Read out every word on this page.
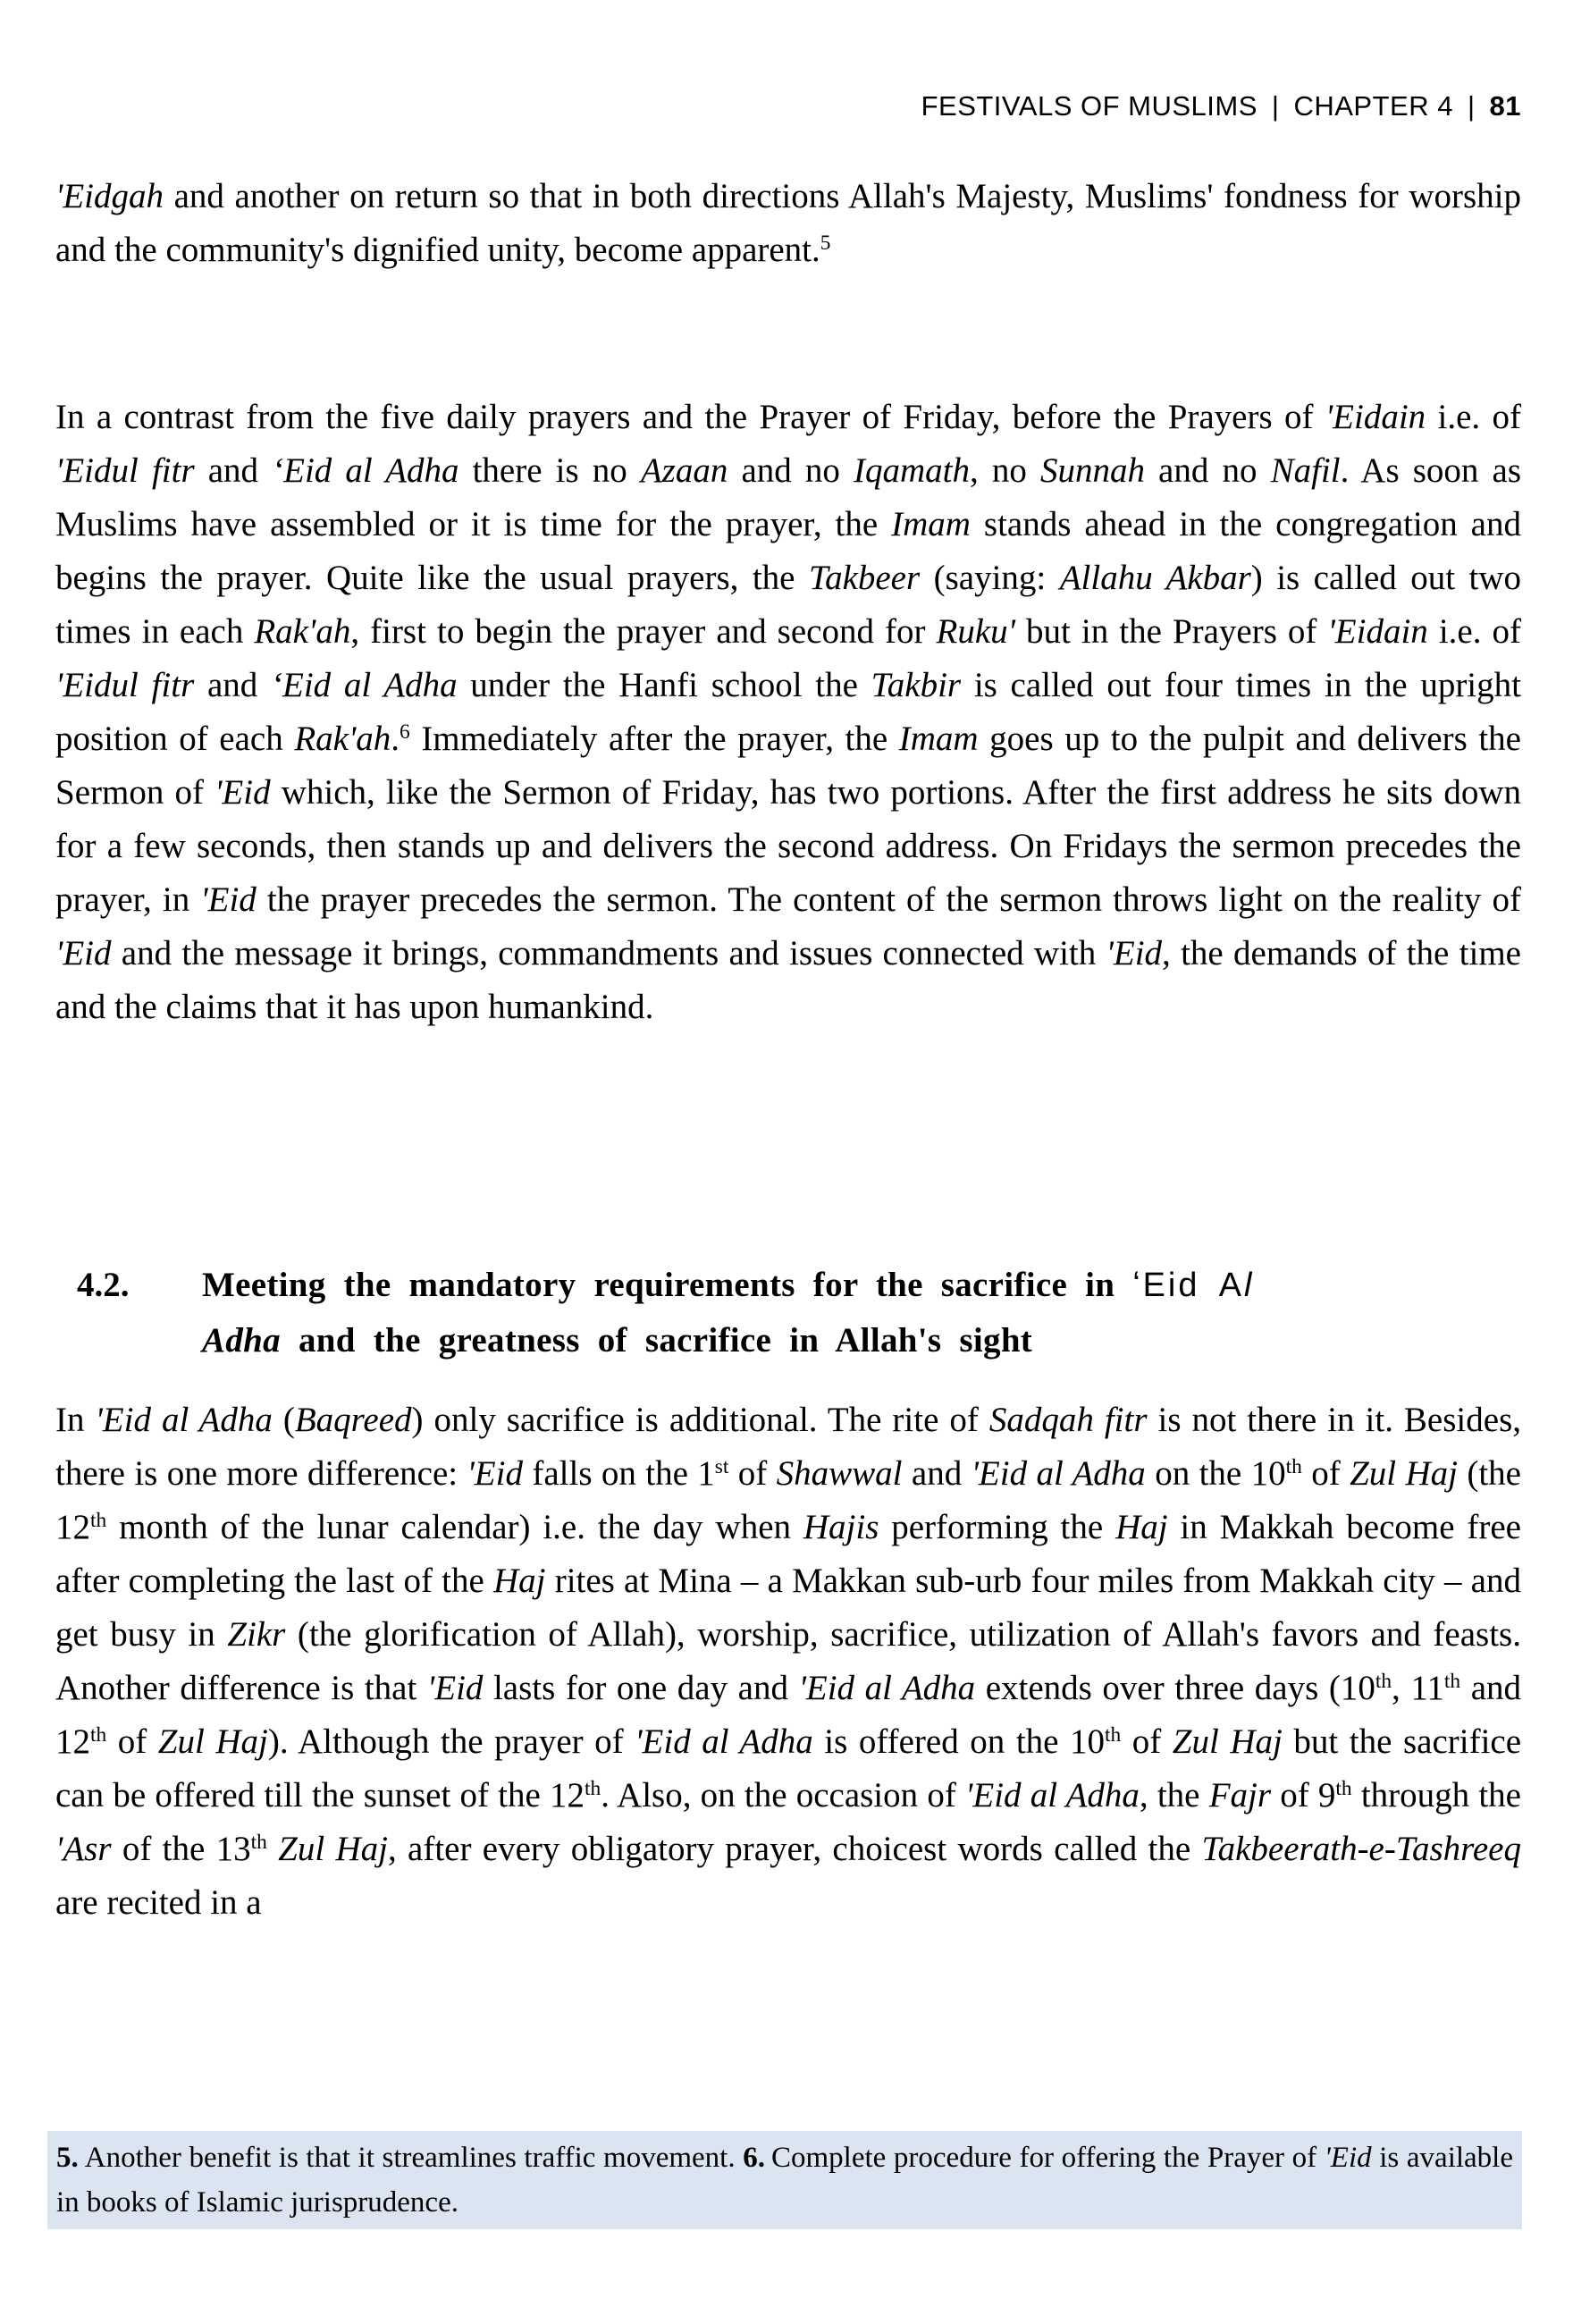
FESTIVALS OF MUSLIMS | CHAPTER 4 | 81

'Eidgah and another on return so that in both directions Allah's Majesty, Muslims' fondness for worship and the community's dignified unity, become apparent.$^5$

In a contrast from the five daily prayers and the Prayer of Friday, before the Prayers of 'Eidain i.e. of 'Eidul fitr and ʻEid al Adha there is no Azaan and no Iqamath, no Sunnah and no Nafil. As soon as Muslims have assembled or it is time for the prayer, the Imam stands ahead in the congregation and begins the prayer. Quite like the usual prayers, the Takbeer (saying: Allahu Akbar) is called out two times in each Rak'ah, first to begin the prayer and second for Ruku' but in the Prayers of 'Eidain i.e. of 'Eidul fitr and ʻEid al Adha under the Hanfi school the Takbir is called out four times in the upright position of each Rak'ah.$^6$ Immediately after the prayer, the Imam goes up to the pulpit and delivers the Sermon of 'Eid which, like the Sermon of Friday, has two portions. After the first address he sits down for a few seconds, then stands up and delivers the second address. On Fridays the sermon precedes the prayer, in 'Eid the prayer precedes the sermon. The content of the sermon throws light on the reality of 'Eid and the message it brings, commandments and issues connected with 'Eid, the demands of the time and the claims that it has upon humankind.

4.2. Meeting the mandatory requirements for the sacrifice in ʻEid Al
Adha and the greatness of sacrifice in Allah's sight

In 'Eid al Adha (Baqreed) only sacrifice is additional. The rite of Sadqah fitr is not there in it. Besides, there is one more difference: 'Eid falls on the 1st of Shawwal and 'Eid al Adha on the 10th of Zul Haj (the 12th month of the lunar calendar) i.e. the day when Hajis performing the Haj in Makkah become free after completing the last of the Haj rites at Mina – a Makkan sub-urb four miles from Makkah city – and get busy in Zikr (the glorification of Allah), worship, sacrifice, utilization of Allah's favors and feasts. Another difference is that 'Eid lasts for one day and 'Eid al Adha extends over three days (10th, 11th and 12th of Zul Haj). Although the prayer of 'Eid al Adha is offered on the 10th of Zul Haj but the sacrifice can be offered till the sunset of the 12th. Also, on the occasion of 'Eid al Adha, the Fajr of 9th through the 'Asr of the 13th Zul Haj, after every obligatory prayer, choicest words called the Takbeerath-e-Tashreeq are recited in a

5. Another benefit is that it streamlines traffic movement. 6. Complete procedure for offering the Prayer of 'Eid is available in books of Islamic jurisprudence.
